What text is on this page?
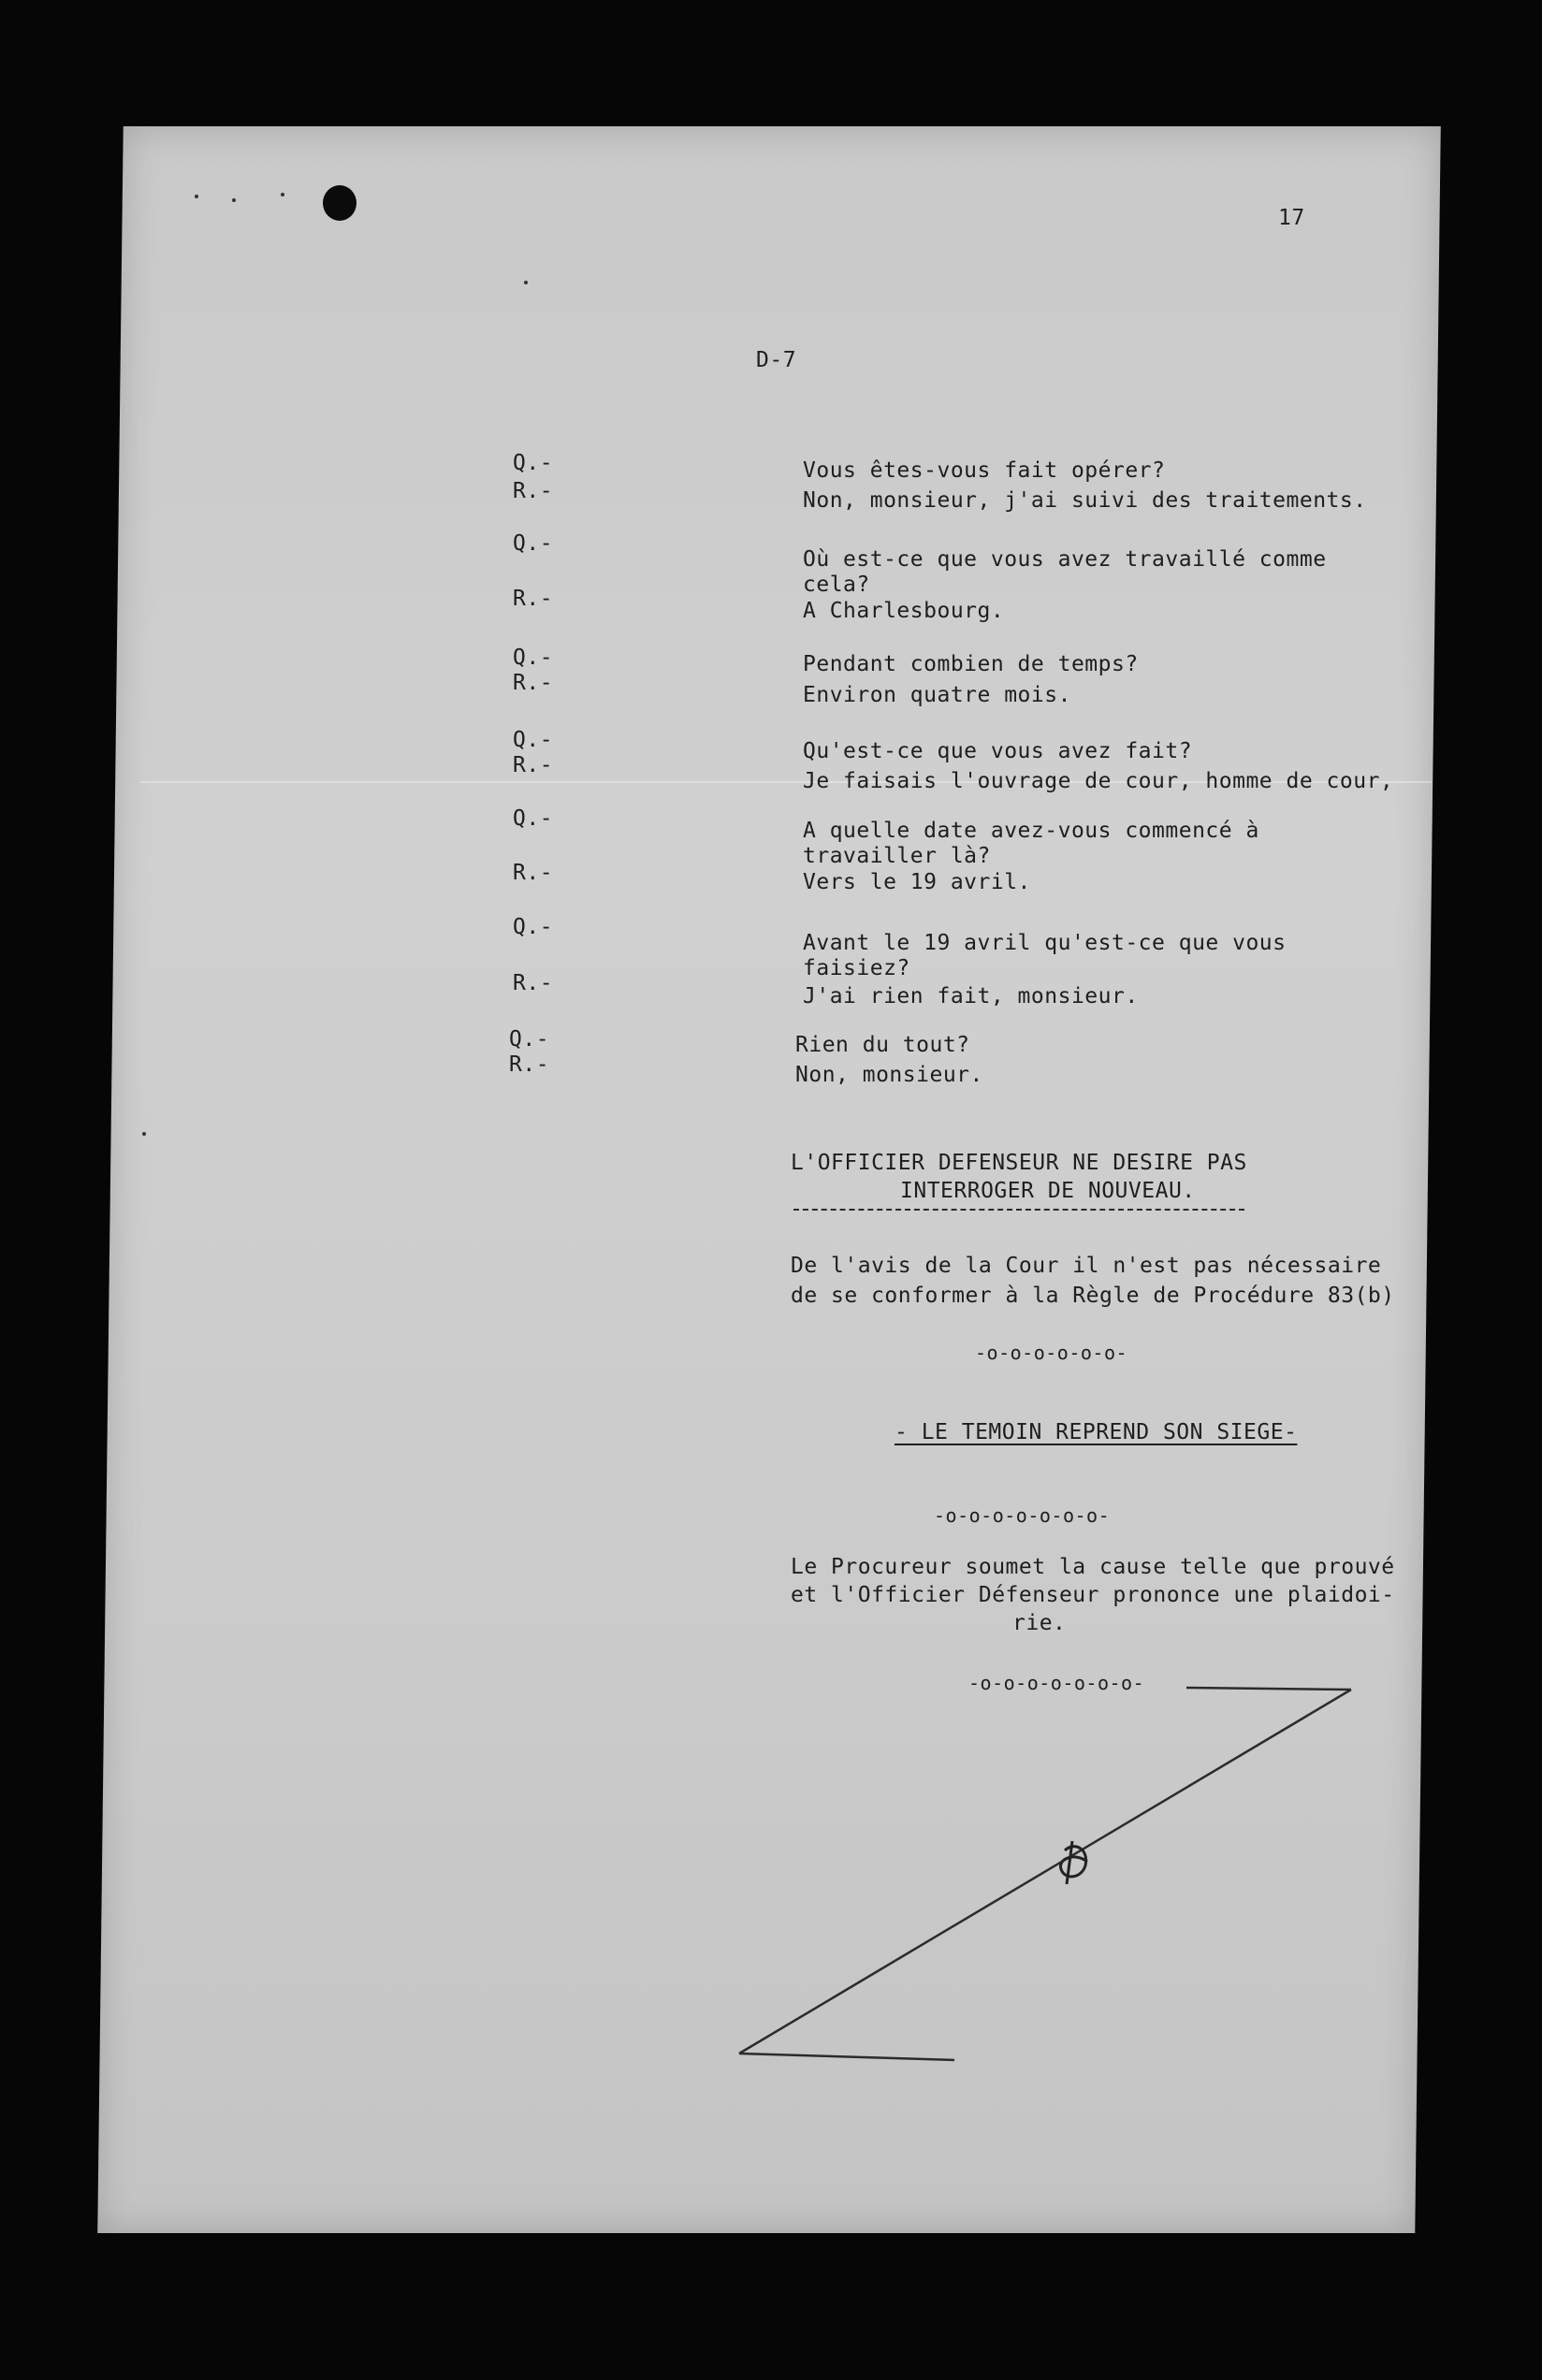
17
D-7
Q.-	Vous êtes-vous fait opérer?
R.-	Non, monsieur, j'ai suivi des traitements.
Q.-
Où est-ce que vous avez travaillé comme
cela?
R.-	A Charlesbourg.
Q.-	Pendant combien de temps?
R.-	Environ quatre mois.
Q.-	Qu'est-ce que vous avez fait?
R.-
Je faisais l'ouvrage de cour, homme de cour,
Q.-	A quelle date avez-vous commencé à
travailler là?
R.-	Vers le 19 avril.
Q.-
Avant le 19 avril qu'est-ce que vous
faisiez?
R.-
J'ai rien fait, monsieur.
Q.-	Rien du tout?
R.-	Non, monsieur.
L'OFFICIER DEFENSEUR NE DESIRE PAS
INTERROGER DE NOUVEAU.
De l'avis de la Cour il n'est pas nécessaire
de se conformer à la Règle de Procédure 83(b)
-o-o-o-o-o-o-
- LE TEMOIN REPREND SON SIEGE-
-o-o-o-o-o-o-o-
Le Procureur soumet la cause telle que prouvé
et l'Officier Défenseur prononce une plaidoi-
rie.
-o-o-o-o-o-o-o-
